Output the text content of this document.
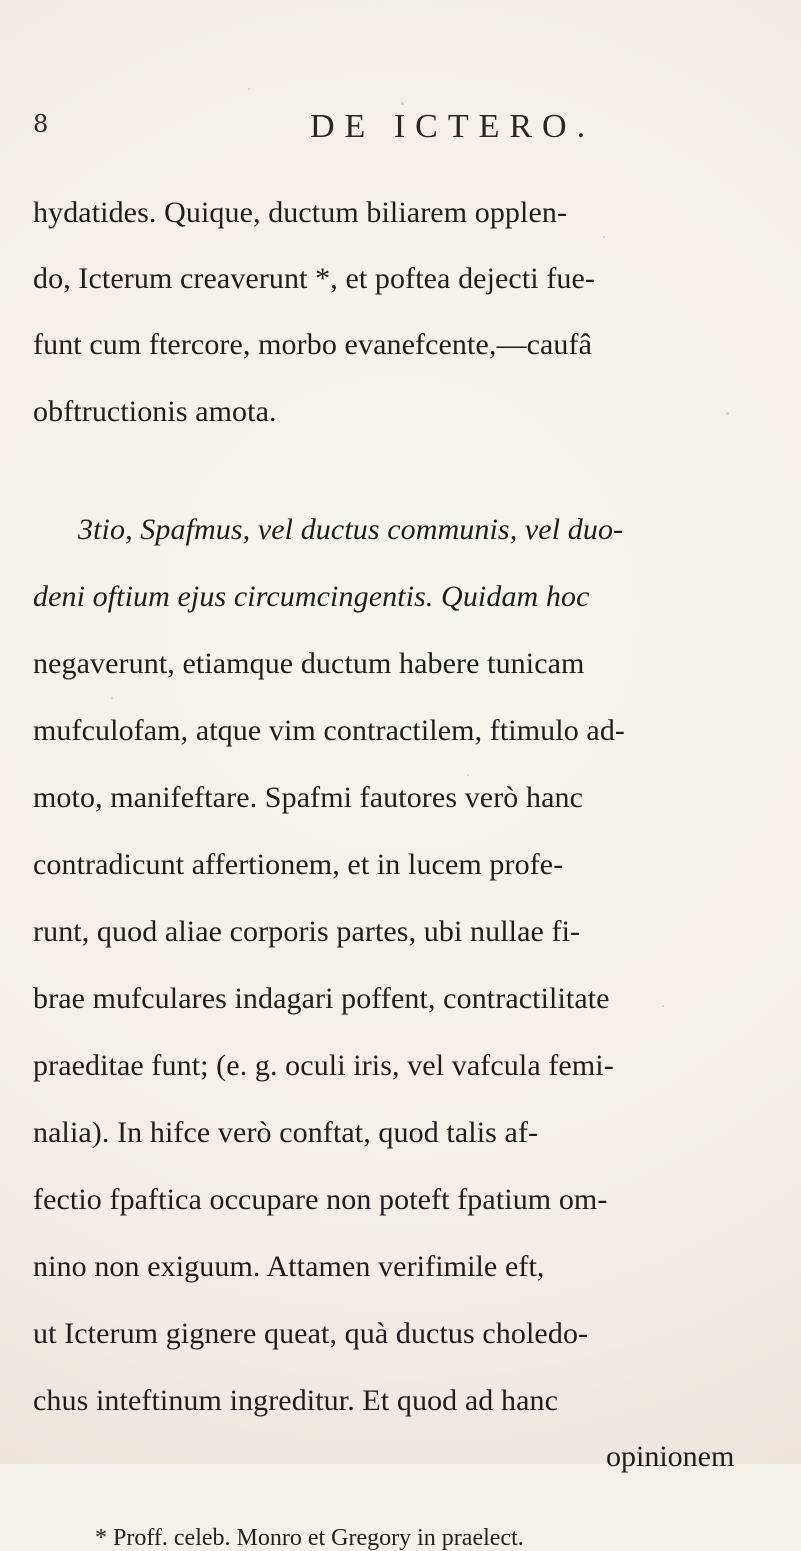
8	DE ICTERO.
hydatides. Quique, ductum biliarem opplen-
do, Icterum creaverunt *, et poftea dejecti fue-
funt cum ftercore, morbo evanefcente,—caufâ
obftructionis amota.
3tio, Spafmus, vel ductus communis, vel duo-
deni oftium ejus circumcingentis. Quidam hoc
negaverunt, etiamque ductum habere tunicam
mufculofam, atque vim contractilem, ftimulo ad-
moto, manifeftare. Spafmi fautores verò hanc
contradicunt affertionem, et in lucem profe-
runt, quod aliae corporis partes, ubi nullae fi-
brae mufculares indagari poffent, contractilitate
praeditae funt; (e. g. oculi iris, vel vafcula femi-
nalia). In hifce verò conftat, quod talis af-
fectio fpaftica occupare non poteft fpatium om-
nino non exiguum. Attamen verifimile eft,
ut Icterum gignere queat, quà ductus choledo-
chus inteftinum ingreditur. Et quod ad hanc
opinionem
* Proff. celeb. Monro et Gregory in praelect.
